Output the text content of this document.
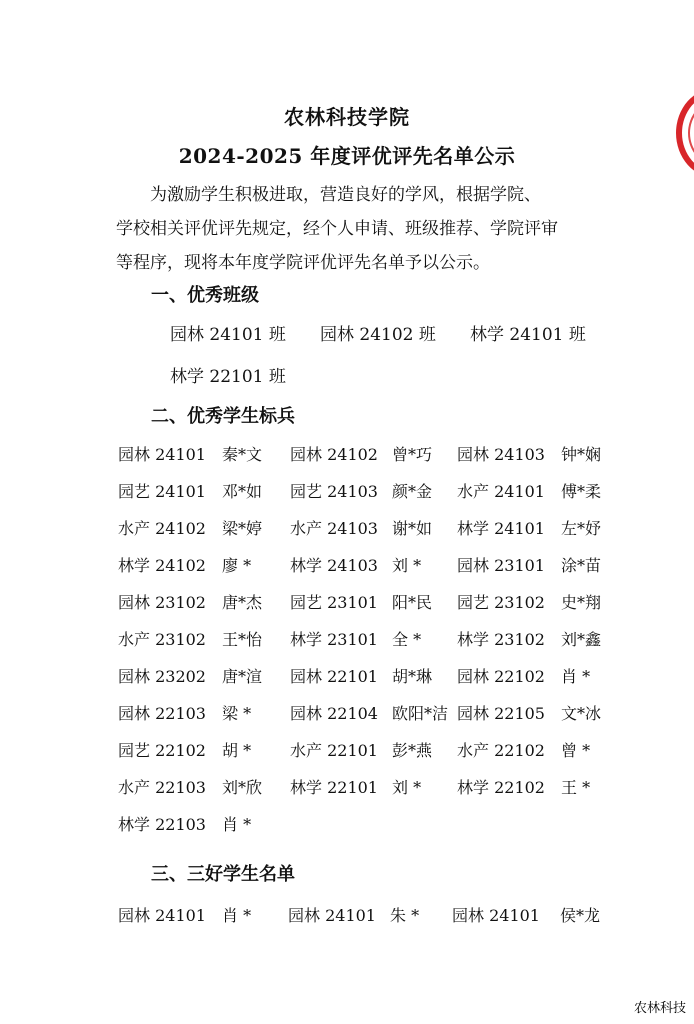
农林科技学院
2024-2025 年度评优评先名单公示
为激励学生积极进取，营造良好的学风，根据学院、
学校相关评优评先规定，经个人申请、班级推荐、学院评审
等程序，现将本年度学院评优评先名单予以公示。
一、优秀班级
园林 24101 班 园林 24102 班 林学 24101 班
林学 22101 班
二、优秀学生标兵
园林 24101 秦*文 园林 24102 曾*巧 园林 24103 钟*娴
园艺 24101 邓*如 园艺 24103 颜*金 水产 24101 傅*柔
水产 24102 梁*婷 水产 24103 谢*如 林学 24101 左*妤
林学 24102 廖 * 林学 24103 刘 * 园林 23101 涂*苗
园林 23102 唐*杰 园艺 23101 阳*民 园艺 23102 史*翔
水产 23102 王*怡 林学 23101 全 * 林学 23102 刘*鑫
园林 23202 唐*渲 园林 22101 胡*琳 园林 22102 肖 *
园林 22103 梁 * 园林 22104 欧阳*洁 园林 22105 文*冰
园艺 22102 胡 * 水产 22101 彭*燕 水产 22102 曾 *
水产 22103 刘*欣 林学 22101 刘 * 林学 22102 王 *
林学 22103 肖 *
三、三好学生名单
园林 24101 肖 * 园林 24101 朱 * 园林 24101 侯*龙
农林科技
